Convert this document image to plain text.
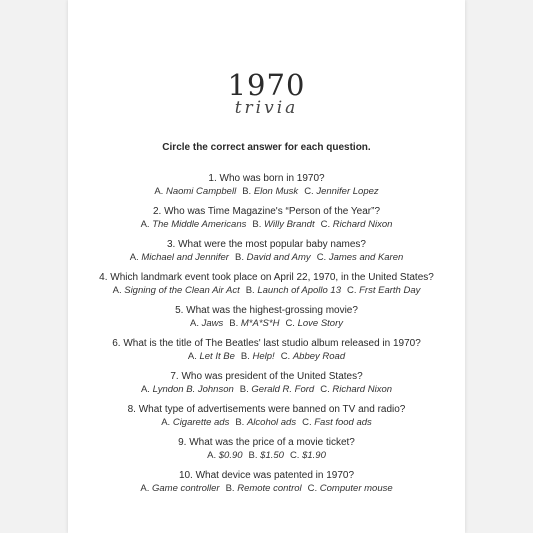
1970
trivia
Circle the correct answer for each question.
1. Who was born in 1970?
A. Naomi Campbell B. Elon Musk C. Jennifer Lopez
2. Who was Time Magazine's “Person of the Year”?
A. The Middle Americans B. Willy Brandt C. Richard Nixon
3. What were the most popular baby names?
A. Michael and Jennifer B. David and Amy C. James and Karen
4. Which landmark event took place on April 22, 1970, in the United States?
A. Signing of the Clean Air Act B. Launch of Apollo 13 C. Frst Earth Day
5. What was the highest-grossing movie?
A. Jaws B. M*A*S*H C. Love Story
6. What is the title of The Beatles' last studio album released in 1970?
A. Let It Be B. Help! C. Abbey Road
7. Who was president of the United States?
A. Lyndon B. Johnson B. Gerald R. Ford C. Richard Nixon
8. What type of advertisements were banned on TV and radio?
A. Cigarette ads B. Alcohol ads C. Fast food ads
9. What was the price of a movie ticket?
A. $0.90 B. $1.50 C. $1.90
10. What device was patented in 1970?
A. Game controller B. Remote control C. Computer mouse
